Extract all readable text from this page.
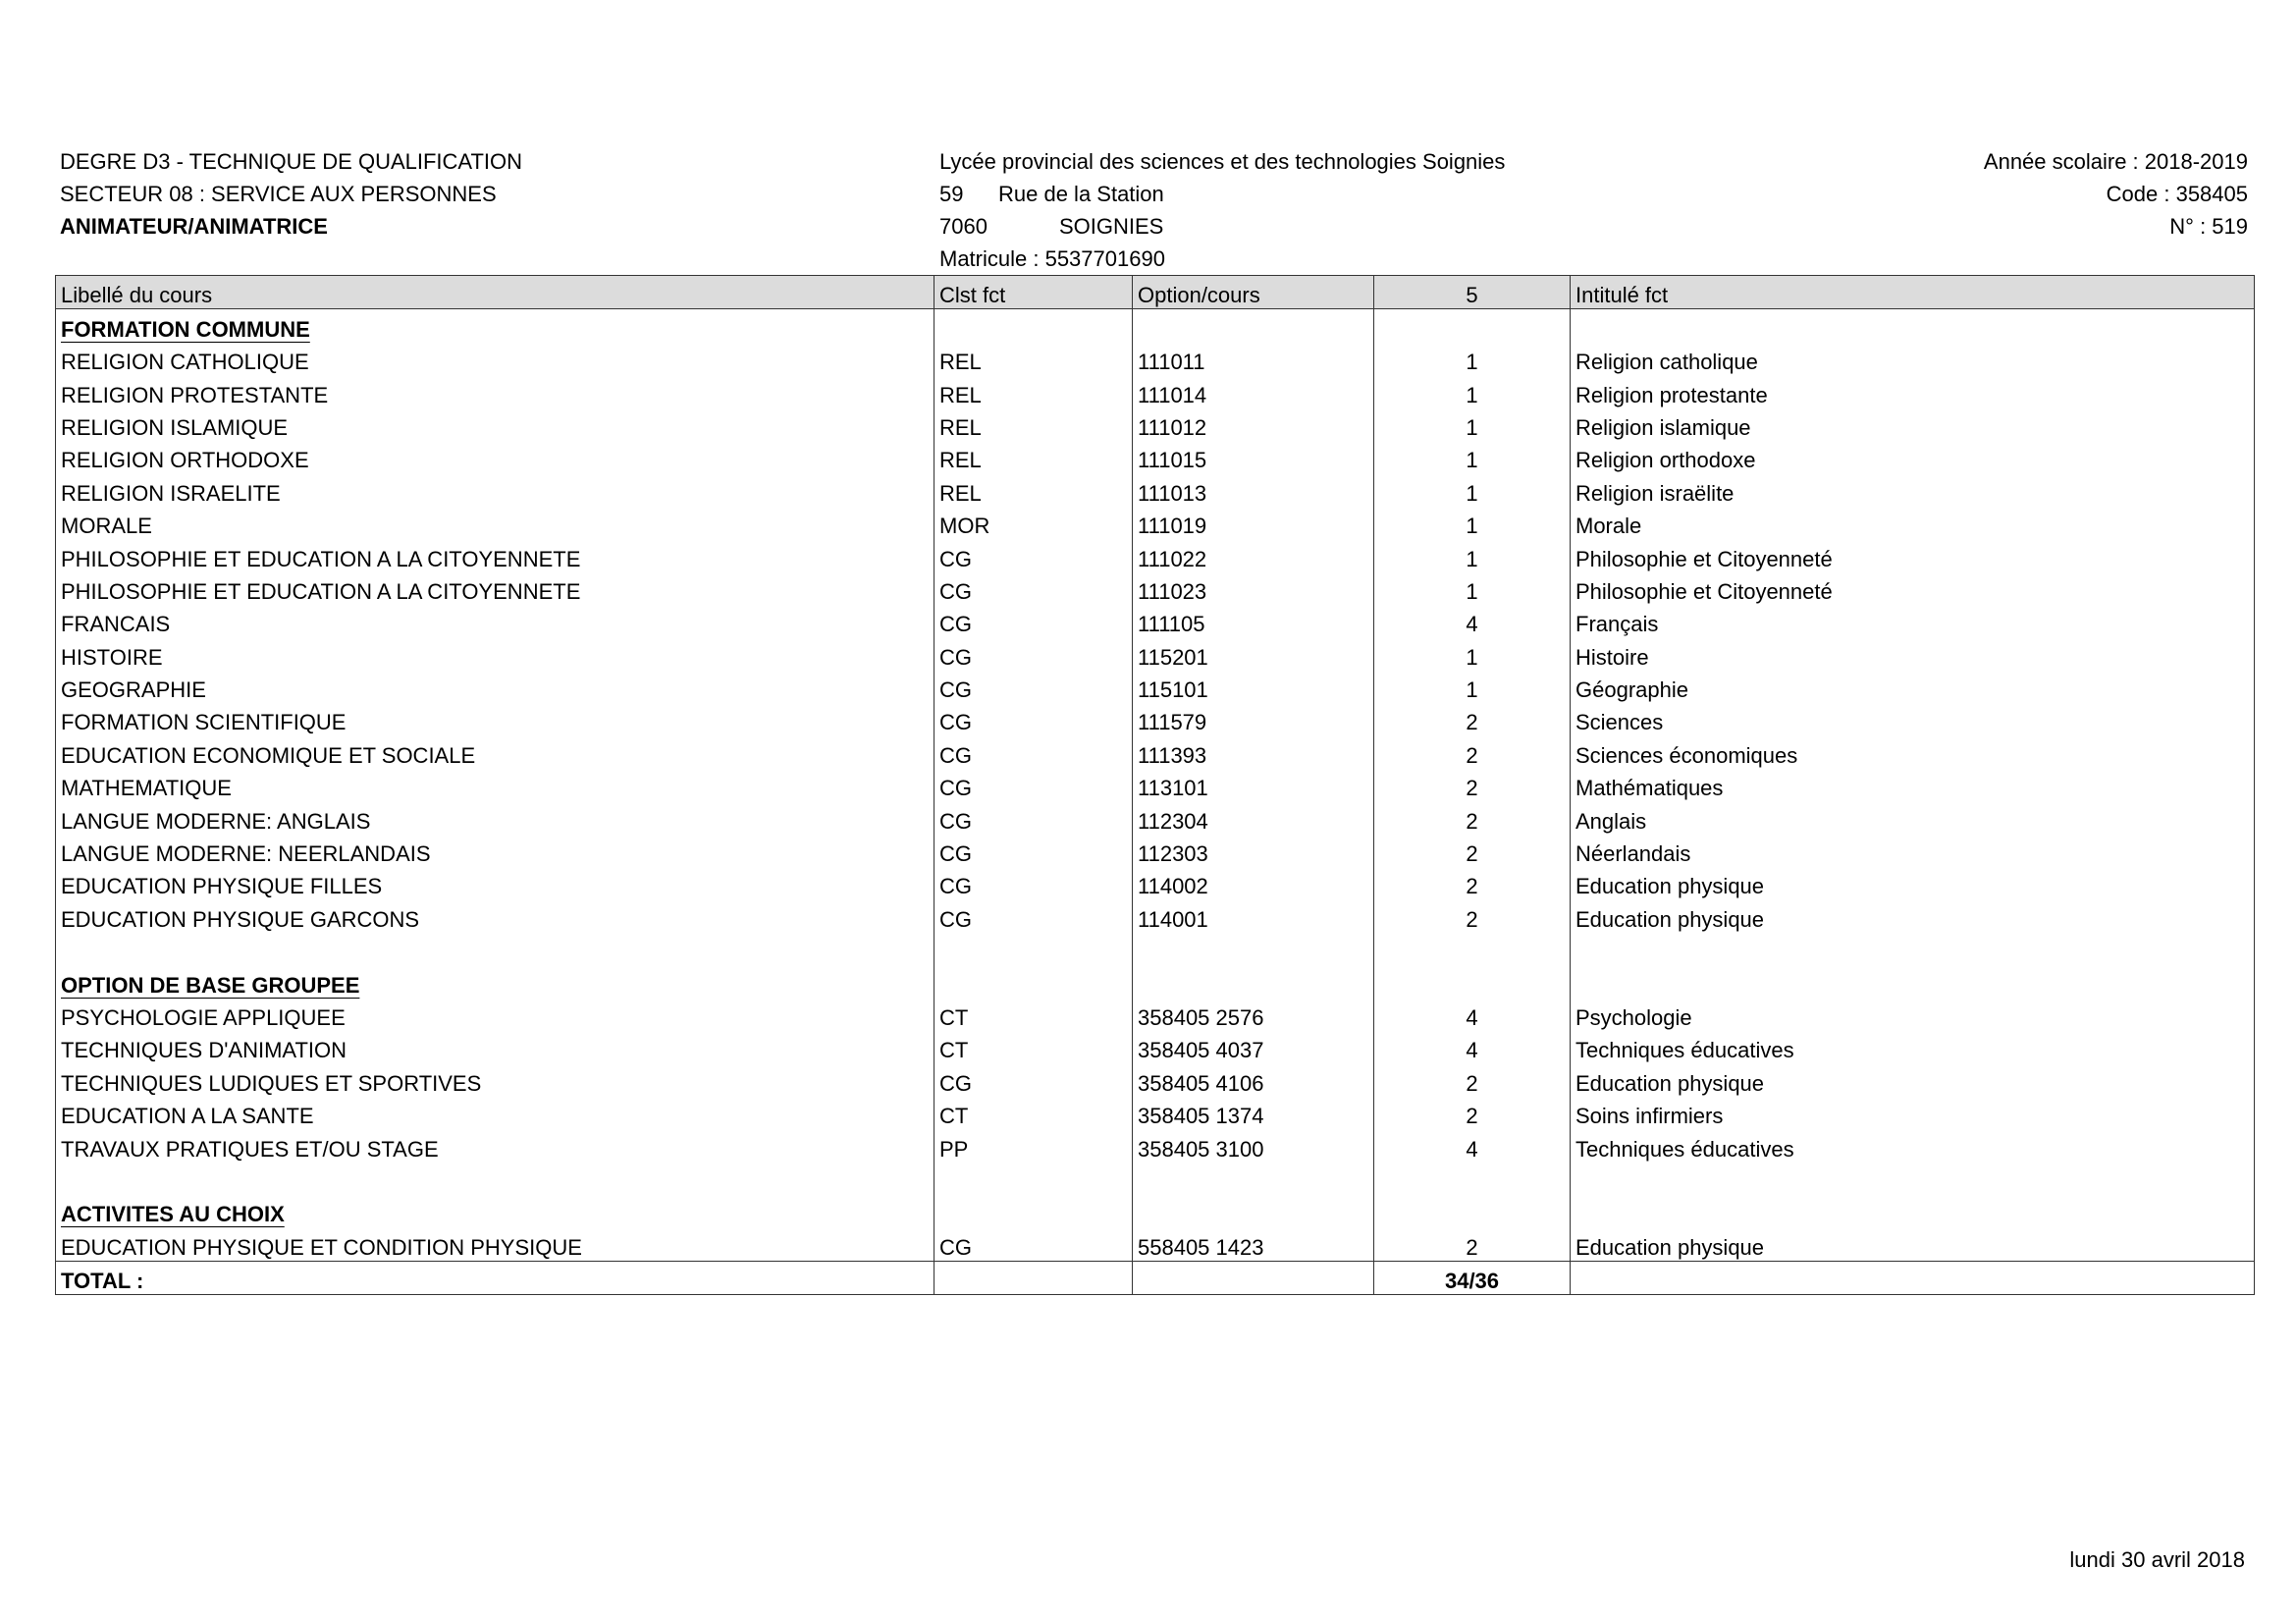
DEGRE D3 - TECHNIQUE DE QUALIFICATION
SECTEUR 08 : SERVICE AUX PERSONNES
ANIMATEUR/ANIMATRICE
Lycée provincial des sciences et des technologies Soignies
59 Rue de la Station
7060	SOIGNIES
Matricule : 5537701690
Année scolaire : 2018-2019
Code : 358405
N° : 519
Libellé du cours	Clst fct	Option/cours	5	Intitulé fct
FORMATION COMMUNE				
RELIGION CATHOLIQUE	REL	111011	1	Religion catholique
RELIGION PROTESTANTE	REL	111014	1	Religion protestante
RELIGION ISLAMIQUE	REL	111012	1	Religion islamique
RELIGION ORTHODOXE	REL	111015	1	Religion orthodoxe
RELIGION ISRAELITE	REL	111013	1	Religion israëlite
MORALE	MOR	111019	1	Morale
PHILOSOPHIE ET EDUCATION A LA CITOYENNETE	CG	111022	1	Philosophie et Citoyenneté
PHILOSOPHIE ET EDUCATION A LA CITOYENNETE	CG	111023	1	Philosophie et Citoyenneté
FRANCAIS	CG	111105	4	Français
HISTOIRE	CG	115201	1	Histoire
GEOGRAPHIE	CG	115101	1	Géographie
FORMATION SCIENTIFIQUE	CG	111579	2	Sciences
EDUCATION ECONOMIQUE ET SOCIALE	CG	111393	2	Sciences économiques
MATHEMATIQUE	CG	113101	2	Mathématiques
LANGUE MODERNE: ANGLAIS	CG	112304	2	Anglais
LANGUE MODERNE: NEERLANDAIS	CG	112303	2	Néerlandais
EDUCATION PHYSIQUE FILLES	CG	114002	2	Education physique
EDUCATION PHYSIQUE GARCONS	CG	114001	2	Education physique

OPTION DE BASE GROUPEE				
PSYCHOLOGIE APPLIQUEE	CT	358405 2576	4	Psychologie
TECHNIQUES D'ANIMATION	CT	358405 4037	4	Techniques éducatives
TECHNIQUES LUDIQUES ET SPORTIVES	CG	358405 4106	2	Education physique
EDUCATION A LA SANTE	CT	358405 1374	2	Soins infirmiers
TRAVAUX PRATIQUES ET/OU STAGE	PP	358405 3100	4	Techniques éducatives

ACTIVITES AU CHOIX				
EDUCATION PHYSIQUE ET CONDITION PHYSIQUE	CG	558405 1423	2	Education physique
TOTAL :			34/36	
lundi 30 avril 2018
